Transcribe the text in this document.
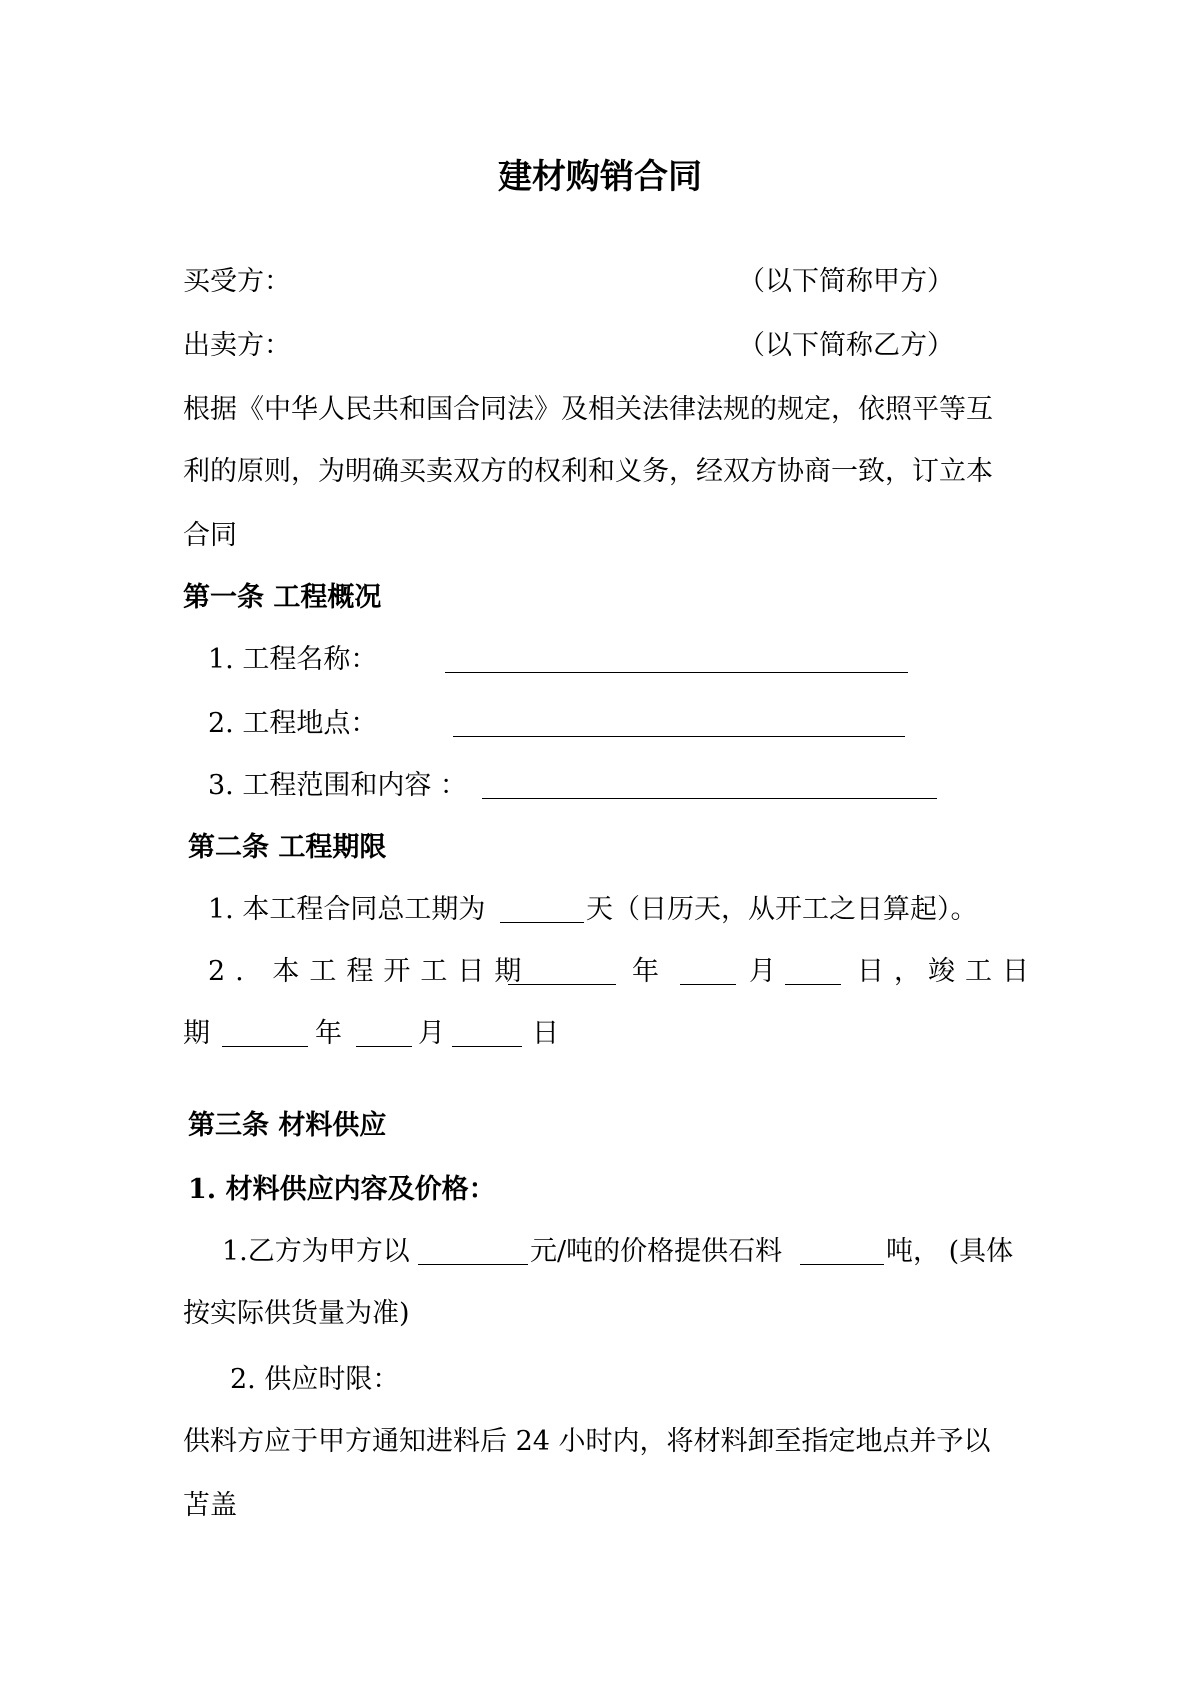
建材购销合同
买受方：	（以下简称甲方）
出卖方：	（以下简称乙方）
根据《中华人民共和国合同法》及相关法律法规的规定，依照平等互
利的原则，为明确买卖双方的权利和义务，经双方协商一致，订立本
合同
第一条 工程概况
1. 工程名称：
2. 工程地点：
3. 工程范围和内容 ：
第二条 工程期限
1. 本工程合同总工期为	天（日历天，从开工之日算起）。
2. 本工程开工日期	年	月	日，
竣工日
期	年	月	日
第三条 材料供应
1. 材料供应内容及价格：
1.乙方为甲方以	元/吨的价格提供石料	吨， (具体
按实际供货量为准)
2. 供应时限：
供料方应于甲方通知进料后 24 小时内，将材料卸至指定地点并予以
苫盖
